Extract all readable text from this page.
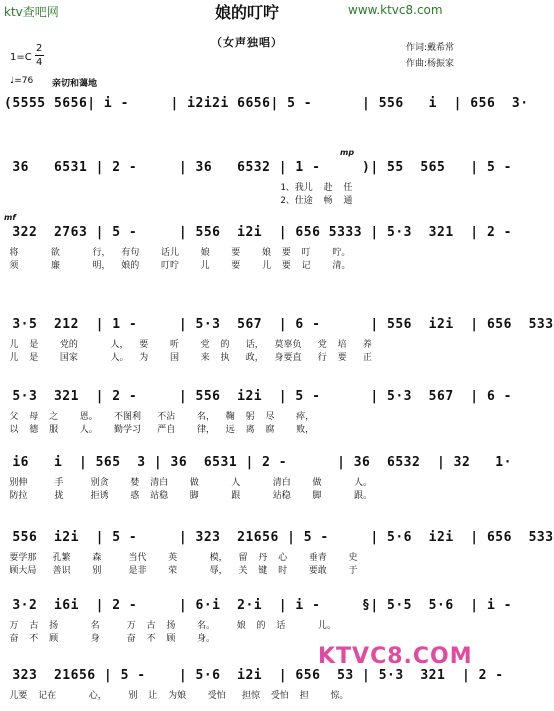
ktv查吧网	娘的叮咛	www.ktvc8.com
（女声独唱）
1=C
2
4
♩=76 亲切和蔼地
作词:戴希常
作曲:杨振家
(5555 5656| i -     | i2i2i 6656| 5 -      | 556   i  | 656  3·
mp
36   6531 | 2 -     | 36   6532 | 1 -     )| 55  565   | 5 -
1、我儿  赴  任
2、仕途  畅  通
mf
322  2763 | 5 -     | 556  i2i  | 656 5333 | 5·3  321  | 2 -
将      欲      行，  有句    话儿    娘    要    娘  要  叮    咛。
须      廉      明，  娘的    叮咛    儿    要    儿  要  记    清。
3·5  212  | 1 -     | 5·3  567  | 6 -      | 556  i2i  | 656  533
儿  是    党的      人，  要    听    党  的   话，  莫辜负   党  培   养
儿  是    国家      人。  为    国    来  执   政，  身要直   行  要   正
5·3  321  | 2 -     | 556  i2i  | 5 -      | 5·3  567  | 6 -
父  母  之    恩。   不图利   不沾    名，  鞠  躬  尽    瘁，
以  德  服    人。   勤学习   严自    律，  远  离  腐    败，
i6   i  | 565  3 | 36  6531 | 2 -      | 36  6532  | 32   1·
别伸     手     别贪    婪  清白    做      人      清白    做      人。
防拉     拢     拒诱    惑  站稳    脚      跟      站稳    脚      跟。
556  i2i  | 5 -     | 323  21656 | 5 -     | 5·6  i2i  | 656  533
要学那   孔繁    森     当代    英      模，  留  丹  心    垂青    史
顾大局   善识    别     是非    荣      辱，  关  键  时    要敢    于
3·2  i6i  | 2 -     | 6·i  2·i  | i -     §| 5·5  5·6  | i -
万  古  扬      名     万  古  扬    名。    娘  的  话      儿。
奋  不  顾      身     奋  不  顾    身。
323  21656 | 5 -    | 5·6  i2i  | 656  53 | 5·3  321  | 2 -
儿要  记在      心，    别  让  为娘    受怕   担惊  受怕  担    惊。
KTVC8.COM
